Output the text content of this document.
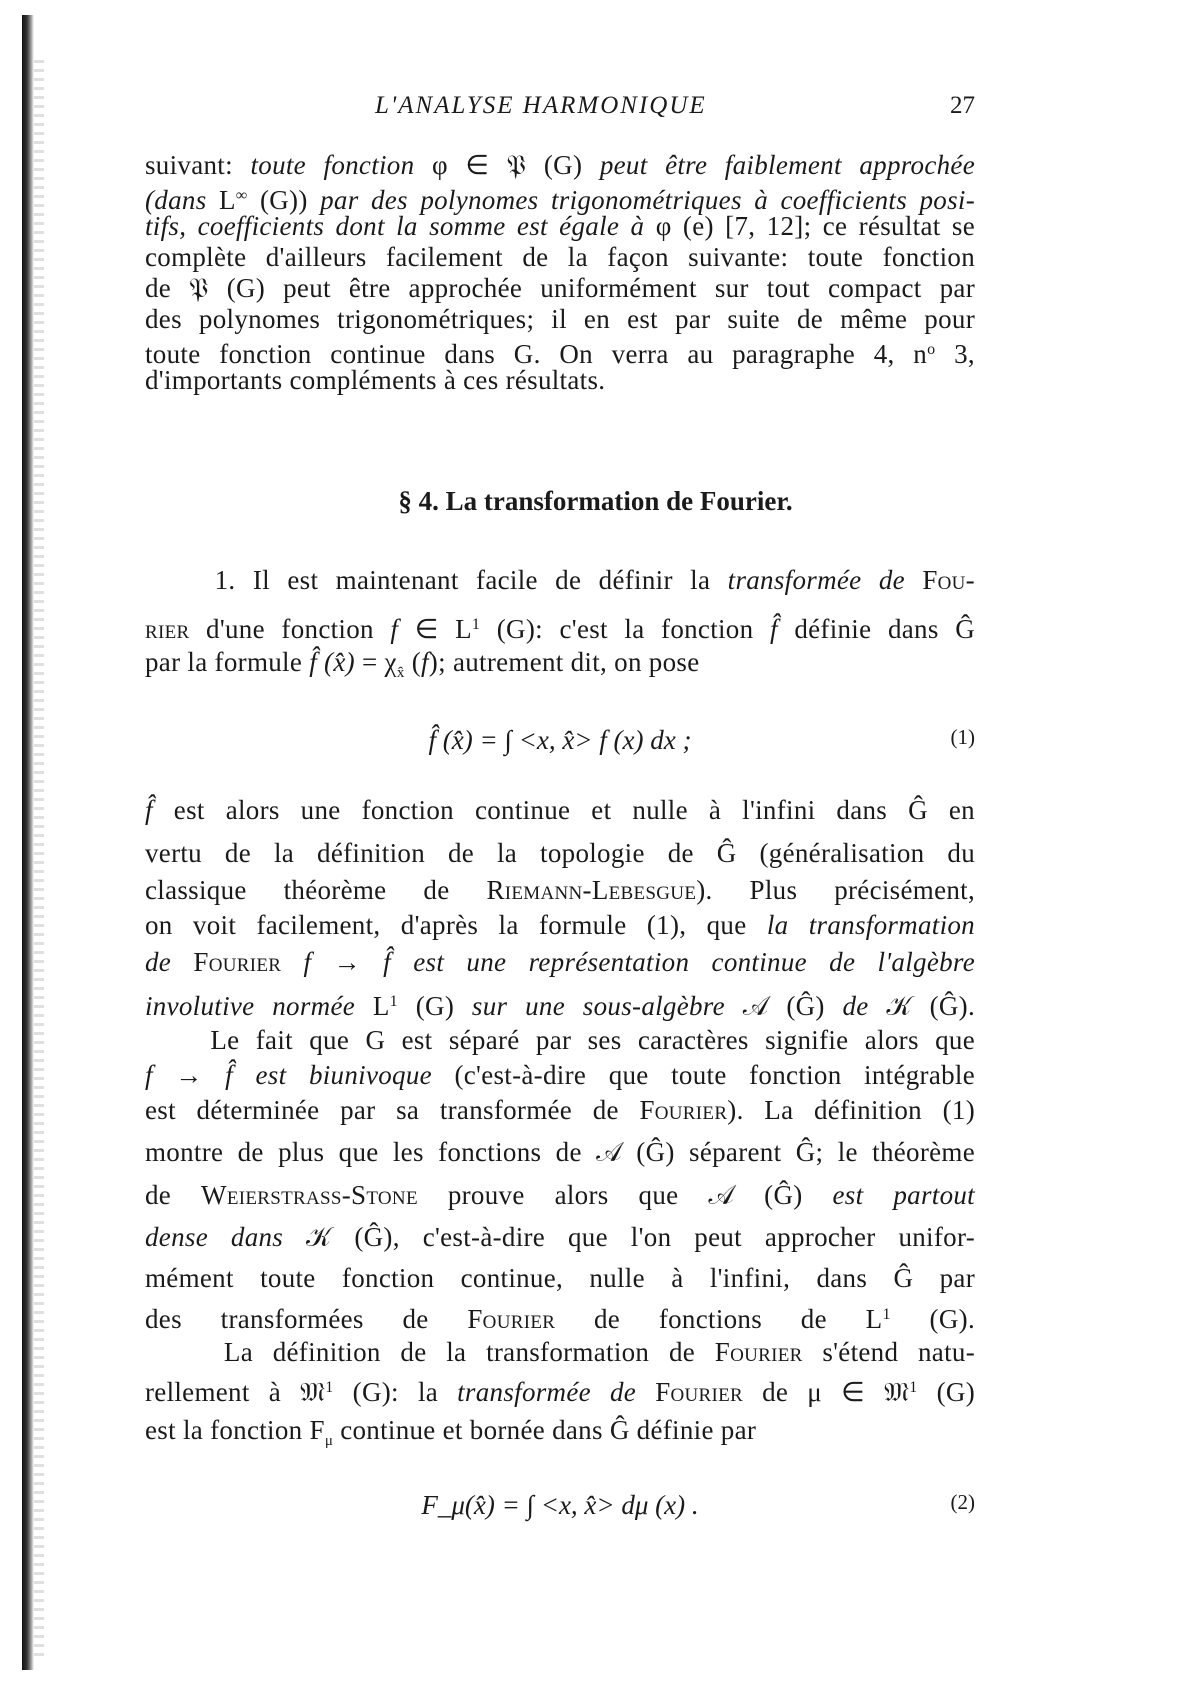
L'ANALYSE HARMONIQUE	27
suivant: toute fonction φ ∈ 𝔓 (G) peut être faiblement approchée
(dans L∞ (G)) par des polynomes trigonométriques à coefficients posi-
tifs, coefficients dont la somme est égale à φ (e) [7, 12]; ce résultat se
complète d'ailleurs facilement de la façon suivante: toute fonction
de 𝔓 (G) peut être approchée uniformément sur tout compact par
des polynomes trigonométriques; il en est par suite de même pour
toute fonction continue dans G. On verra au paragraphe 4, $n^o$ 3,
d'importants compléments à ces résultats.
§ 4. La transformation de Fourier.
1. Il est maintenant facile de définir la transformée de Fou-
rier d'une fonction f ∈ $L^1$ (G): c'est la fonction f̂ définie dans Ĝ
par la formule f̂ (x̂) = $\chi_{x̂}$ (f); autrement dit, on pose
f̂ (x̂) = ∫ <x, x̂> f (x) dx ;	(1)
f̂ est alors une fonction continue et nulle à l'infini dans Ĝ en
vertu de la définition de la topologie de Ĝ (généralisation du
classique théorème de Riemann-Lebesgue). Plus précisément,
on voit facilement, d'après la formule (1), que la transformation
de Fourier f → f̂ est une représentation continue de l'algèbre
involutive normée $L^1$ (G) sur une sous-algèbre 𝒜 (Ĝ) de 𝒦 (Ĝ).
Le fait que G est séparé par ses caractères signifie alors que
f → f̂ est biunivoque (c'est-à-dire que toute fonction intégrable
est déterminée par sa transformée de Fourier). La définition (1)
montre de plus que les fonctions de 𝒜 (Ĝ) séparent Ĝ; le théorème
de Weierstrass-Stone prouve alors que 𝒜 (Ĝ) est partout
dense dans 𝒦 (Ĝ), c'est-à-dire que l'on peut approcher unifor-
mément toute fonction continue, nulle à l'infini, dans Ĝ par
des transformées de Fourier de fonctions de $L^1$ (G).
La définition de la transformation de Fourier s'étend natu-
rellement à 𝔐$^1$ (G): la transformée de Fourier de μ ∈ 𝔐$^1$ (G)
est la fonction $F_\mu$ continue et bornée dans Ĝ définie par
F_μ(x̂) = ∫ <x, x̂> dμ (x) .	(2)
